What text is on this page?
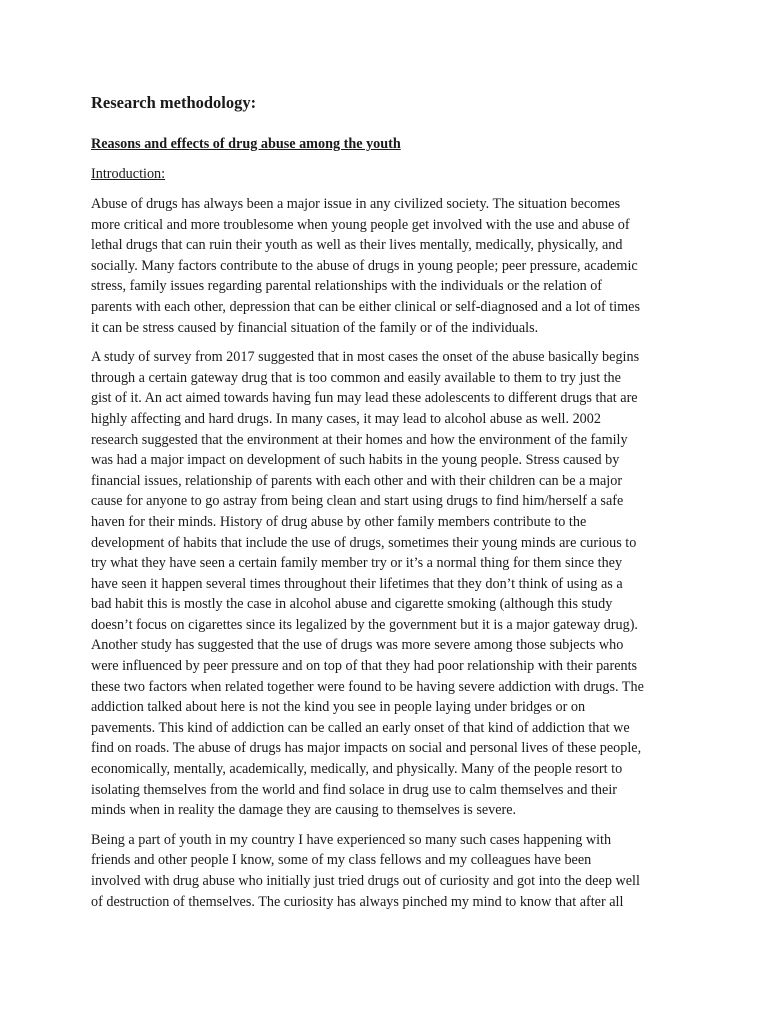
Research methodology:
Reasons and effects of drug abuse among the youth
Introduction:
Abuse of drugs has always been a major issue in any civilized society. The situation becomes
more critical and more troublesome when young people get involved with the use and abuse of
lethal drugs that can ruin their youth as well as their lives mentally, medically, physically, and
socially. Many factors contribute to the abuse of drugs in young people; peer pressure, academic
stress, family issues regarding parental relationships with the individuals or the relation of
parents with each other, depression that can be either clinical or self-diagnosed and a lot of times
it can be stress caused by financial situation of the family or of the individuals.
A study of survey from 2017 suggested that in most cases the onset of the abuse basically begins
through a certain gateway drug that is too common and easily available to them to try just the
gist of it. An act aimed towards having fun may lead these adolescents to different drugs that are
highly affecting and hard drugs. In many cases, it may lead to alcohol abuse as well. 2002
research suggested that the environment at their homes and how the environment of the family
was had a major impact on development of such habits in the young people. Stress caused by
financial issues, relationship of parents with each other and with their children can be a major
cause for anyone to go astray from being clean and start using drugs to find him/herself a safe
haven for their minds. History of drug abuse by other family members contribute to the
development of habits that include the use of drugs, sometimes their young minds are curious to
try what they have seen a certain family member try or it’s a normal thing for them since they
have seen it happen several times throughout their lifetimes that they don’t think of using as a
bad habit this is mostly the case in alcohol abuse and cigarette smoking (although this study
doesn’t focus on cigarettes since its legalized by the government but it is a major gateway drug).
Another study has suggested that the use of drugs was more severe among those subjects who
were influenced by peer pressure and on top of that they had poor relationship with their parents
these two factors when related together were found to be having severe addiction with drugs. The
addiction talked about here is not the kind you see in people laying under bridges or on
pavements. This kind of addiction can be called an early onset of that kind of addiction that we
find on roads. The abuse of drugs has major impacts on social and personal lives of these people,
economically, mentally, academically, medically, and physically. Many of the people resort to
isolating themselves from the world and find solace in drug use to calm themselves and their
minds when in reality the damage they are causing to themselves is severe.
Being a part of youth in my country I have experienced so many such cases happening with
friends and other people I know, some of my class fellows and my colleagues have been
involved with drug abuse who initially just tried drugs out of curiosity and got into the deep well
of destruction of themselves. The curiosity has always pinched my mind to know that after all
